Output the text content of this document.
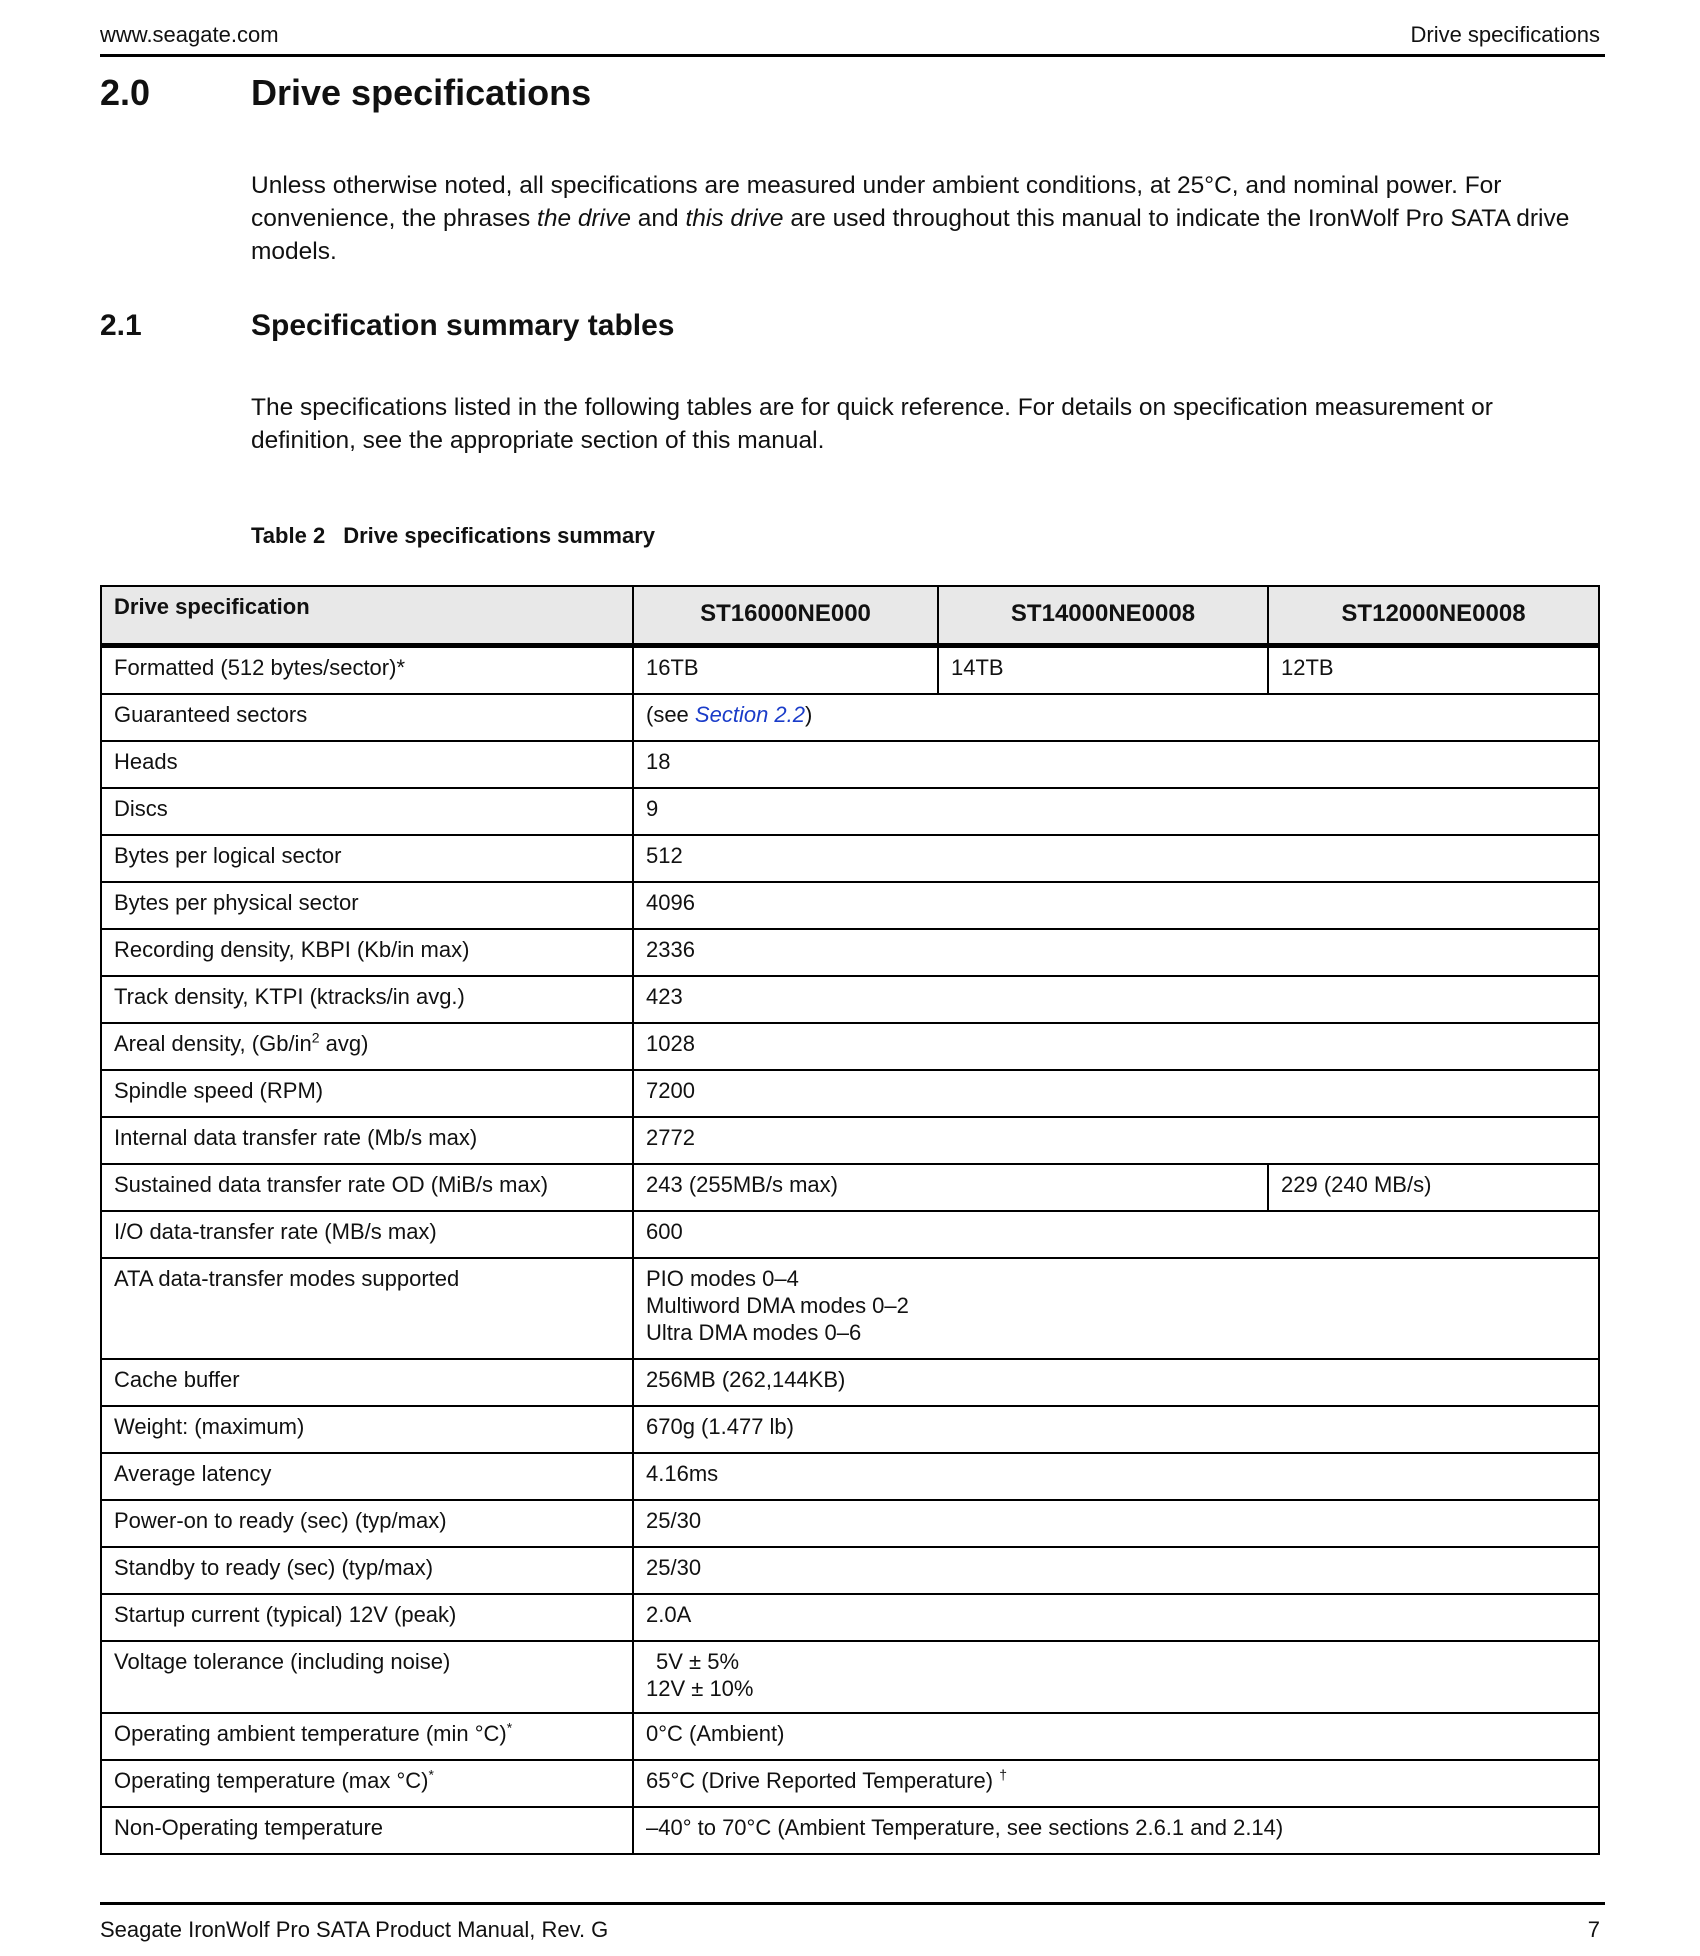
www.seagate.com	Drive specifications
2.0	Drive specifications
Unless otherwise noted, all specifications are measured under ambient conditions, at 25°C, and nominal power. For convenience, the phrases the drive and this drive are used throughout this manual to indicate the IronWolf Pro SATA drive models.
2.1	Specification summary tables
The specifications listed in the following tables are for quick reference. For details on specification measurement or definition, see the appropriate section of this manual.
Table 2 Drive specifications summary
Drive specification	ST16000NE000	ST14000NE0008	ST12000NE0008
Formatted (512 bytes/sector)*	16TB	14TB	12TB
Guaranteed sectors	(see Section 2.2)		
Heads	18		
Discs	9		
Bytes per logical sector	512		
Bytes per physical sector	4096		
Recording density, KBPI (Kb/in max)	2336		
Track density, KTPI (ktracks/in avg.)	423		
Areal density, ($Gb/in^2$ avg)	1028		
Spindle speed (RPM)	7200		
Internal data transfer rate (Mb/s max)	2772		
Sustained data transfer rate OD (MiB/s max)	243 (255MB/s max)		229 (240 MB/s)
I/O data-transfer rate (MB/s max)	600		
ATA data-transfer modes supported	PIO modes 0–4
Multiword DMA modes 0–2
Ultra DMA modes 0–6		

Cache buffer	256MB (262,144KB)		
Weight: (maximum)	670g (1.477 lb)		
Average latency	4.16ms		
Power-on to ready (sec) (typ/max)	25/30		
Standby to ready (sec) (typ/max)	25/30		
Startup current (typical) 12V (peak)	2.0A		
Voltage tolerance (including noise)	5V ± 5%
12V ± 10%		

Operating ambient temperature (min °C)*	0°C (Ambient)		
Operating temperature (max °C)*	65°C (Drive Reported Temperature) †
Non-Operating temperature	–40° to 70°C (Ambient Temperature, see sections 2.6.1 and 2.14)		
Seagate IronWolf Pro SATA Product Manual, Rev. G	7
